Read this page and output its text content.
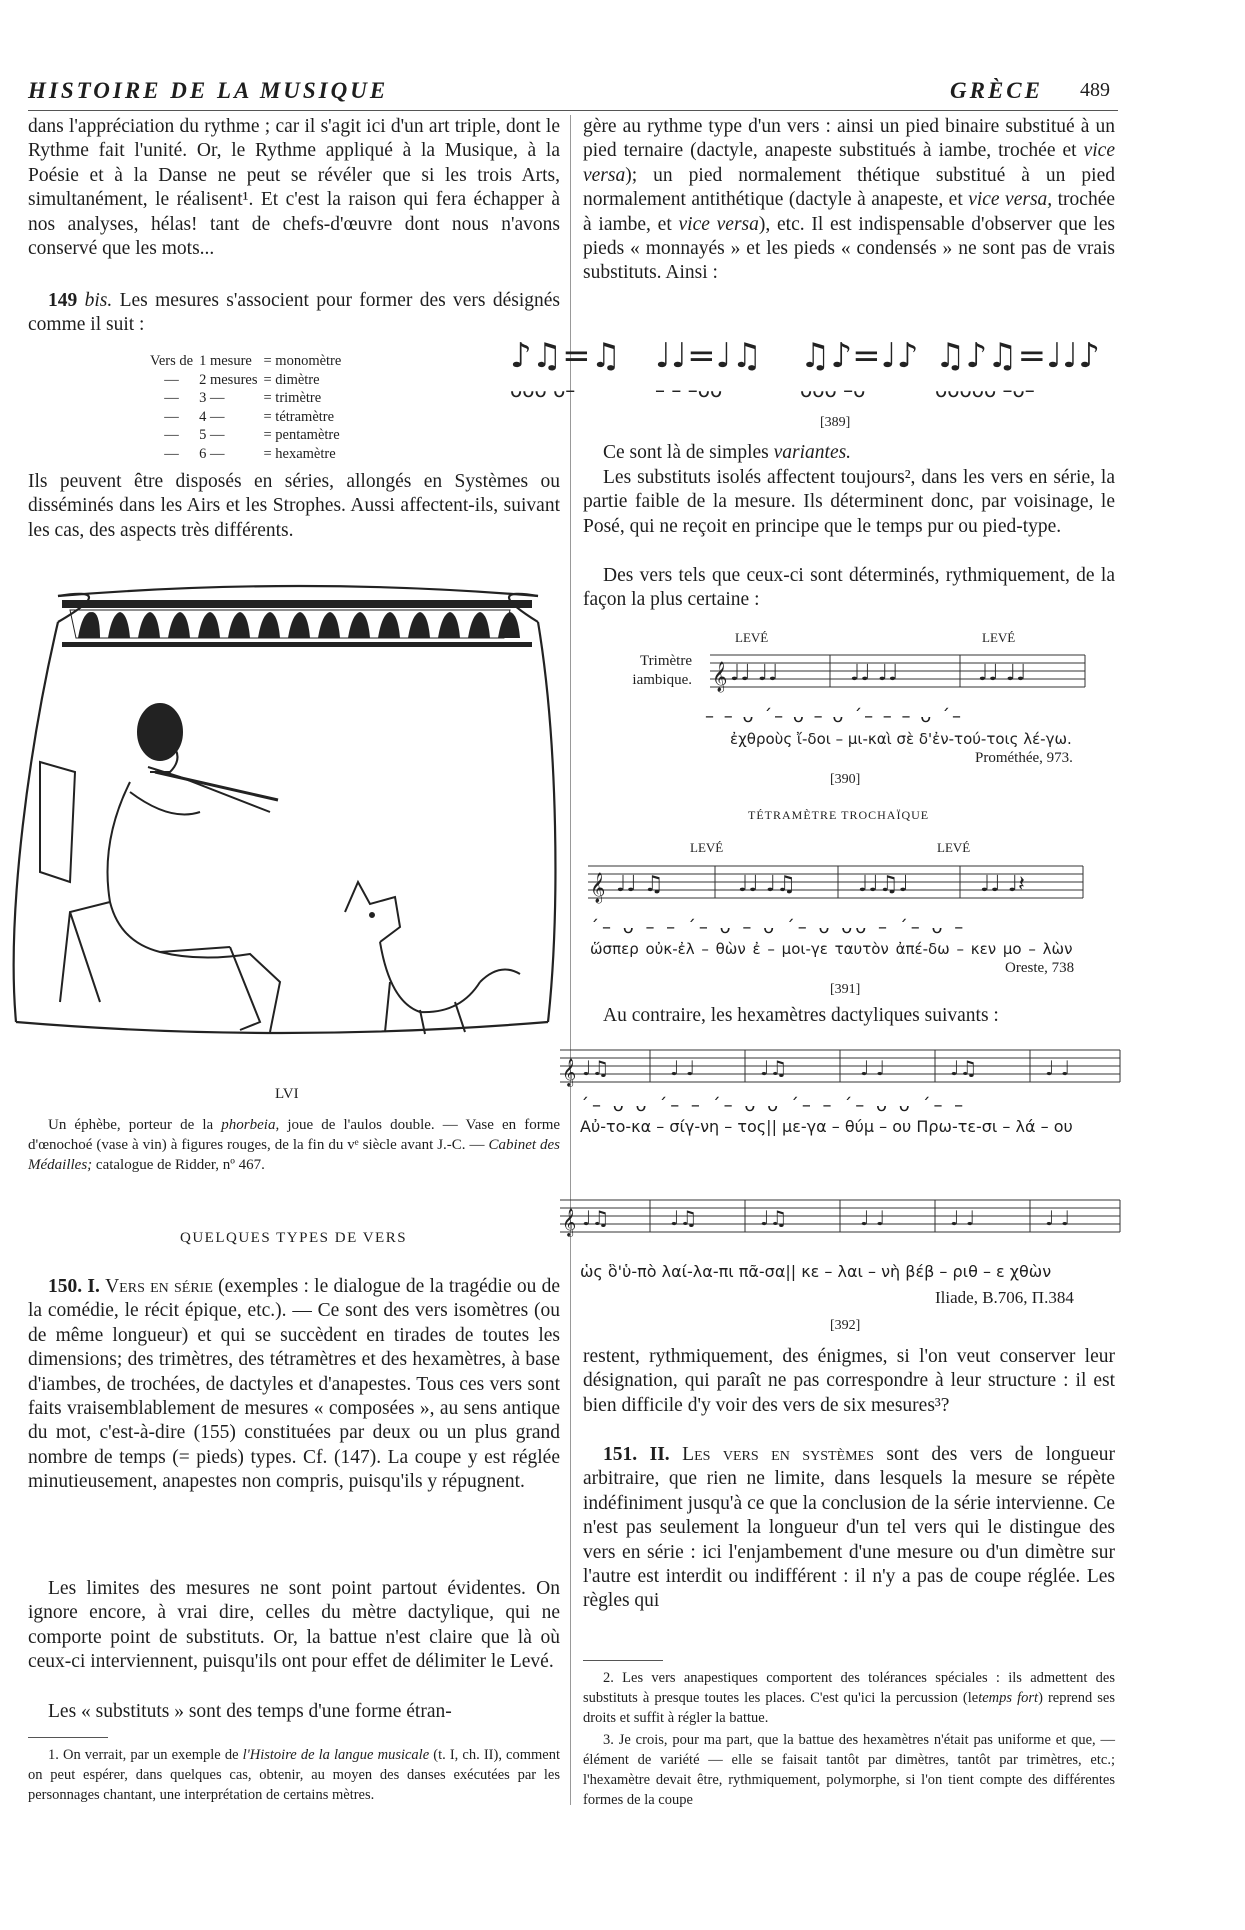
HISTOIRE DE LA MUSIQUE	GRÈCE 489
dans l'appréciation du rythme ; car il s'agit ici d'un art triple, dont le Rythme fait l'unité. Or, le Rythme appliqué à la Musique, à la Poésie et à la Danse ne peut se révéler que si les trois Arts, simultanément, le réalisent¹. Et c'est la raison qui fera échapper à nos analyses, hélas! tant de chefs-d'œuvre dont nous n'avons conservé que les mots...
149 bis. Les mesures s'associent pour former des vers désignés comme il suit :
Vers de	1 mesure	= monomètre
—	2 mesures	= dimètre
—	3 —	= trimètre
—	4 —	= tétramètre
—	5 —	= pentamètre
—	6 —	= hexamètre
Ils peuvent être disposés en séries, allongés en Systèmes ou disséminés dans les Airs et les Strophes. Aussi affectent-ils, suivant les cas, des aspects très différents.
LVI
Un éphèbe, porteur de la phorbeia, joue de l'aulos double. — Vase en forme d'œnochoé (vase à vin) à figures rouges, de la fin du vᵉ siècle avant J.-C. — Cabinet des Médailles; catalogue de Ridder, nº 467.
QUELQUES TYPES DE VERS
150. I. Vers en série (exemples : le dialogue de la tragédie ou de la comédie, le récit épique, etc.). — Ce sont des vers isomètres (ou de même longueur) et qui se succèdent en tirades de toutes les dimensions; des trimètres, des tétramètres et des hexamètres, à base d'iambes, de trochées, de dactyles et d'anapestes. Tous ces vers sont faits vraisemblablement de mesures « composées », au sens antique du mot, c'est-à-dire (155) constituées par deux ou un plus grand nombre de temps (= pieds) types. Cf. (147). La coupe y est réglée minutieusement, anapestes non compris, puisqu'ils y répugnent.
Les limites des mesures ne sont point partout évidentes. On ignore encore, à vrai dire, celles du mètre dactylique, qui ne comporte point de substituts. Or, la battue n'est claire que là où ceux-ci interviennent, puisqu'ils ont pour effet de délimiter le Levé.
Les « substituts » sont des temps d'une forme étran-
1. On verrait, par un exemple de l'Histoire de la langue musicale (t. I, ch. II), comment on peut espérer, dans quelques cas, obtenir, au moyen des danses exécutées par les personnages chantant, une interprétation de certains mètres.
gère au rythme type d'un vers : ainsi un pied binaire substitué à un pied ternaire (dactyle, anapeste substitués à iambe, trochée et vice versa); un pied normalement thétique substitué à un pied normalement antithétique (dactyle à anapeste, et vice versa, trochée à iambe, et vice versa), etc. Il est indispensable d'observer que les pieds « monnayés » et les pieds « condensés » ne sont pas de vrais substituts. Ainsi :
♪♫=♫ ♩♩=♩♫ ♫♪=♩♪ ♫♪♫=♩♩♪
ᴗᴗᴗ ᴗ–	– – –ᴗᴗ	ᴗᴗᴗ –ᴗ	ᴗᴗᴗᴗᴗ –ᴗ–
[389]
Ce sont là de simples variantes.
Les substituts isolés affectent toujours², dans les vers en série, la partie faible de la mesure. Ils déterminent donc, par voisinage, le Posé, qui ne reçoit en principe que le temps pur ou pied-type.
Des vers tels que ceux-ci sont déterminés, rythmiquement, de la façon la plus certaine :
Trimètre iambique.
LEVÉ	LEVÉ
𝄞 ♩♩ ♩♩	♩♩ ♩♩	♩♩ ♩♩
– – ᴗ ´– ᴗ – ᴗ ´– – – ᴗ ´–
ἐχθροὺς ἴ-δοι – μι-καὶ σὲ δ'ἐν-τού-τοις λέ-γω.
Prométhée, 973.
[390]
TÉTRAMÈTRE TROCHAÏQUE
LEVÉ	LEVÉ
𝄞 ♩♩ ♫	♩♩ ♩♫	♩♩♫♩	♩♩ ♩𝄽
´– ᴗ – – ´– ᴗ – ᴗ ´– ᴗ ᴗᴗ – ´– ᴗ –
ὥσπερ οὐκ-ἐλ – θὼν ἐ – μοι-γε ταυτὸν ἀπέ-δω – κεν μο – λὼν
Oreste, 738
[391]
Au contraire, les hexamètres dactyliques suivants :
𝄞 ♩♫	♩ ♩	♩♫	♩ ♩	♩♫	♩ ♩
´– ᴗ ᴗ ´– – ´– ᴗ ᴗ ´– – ´– ᴗ ᴗ ´– –
Αὐ-το-κα – σίγ-νη – τος|| με-γα – θύμ – ου Πρω-τε-σι – λά – ου
𝄞 ♩♫	♩♫	♩♫	♩ ♩	♩ ♩	♩ ♩
ὡς ὃ'ὑ-πὸ λαί-λα-πι πᾶ-σα|| κε – λαι – νὴ βέβ – ριθ – ε χθὼν
Iliade, B.706, Π.384
[392]
restent, rythmiquement, des énigmes, si l'on veut conserver leur désignation, qui paraît ne pas correspondre à leur structure : il est bien difficile d'y voir des vers de six mesures³?
151. II. Les vers en systèmes sont des vers de longueur arbitraire, que rien ne limite, dans lesquels la mesure se répète indéfiniment jusqu'à ce que la conclusion de la série intervienne. Ce n'est pas seulement la longueur d'un tel vers qui le distingue des vers en série : ici l'enjambement d'une mesure ou d'un dimètre sur l'autre est interdit ou indifférent : il n'y a pas de coupe réglée. Les règles qui
2. Les vers anapestiques comportent des tolérances spéciales : ils admettent des substituts à presque toutes les places. C'est qu'ici la percussion (letemps fort) reprend ses droits et suffit à régler la battue.
3. Je crois, pour ma part, que la battue des hexamètres n'était pas uniforme et que, — élément de variété — elle se faisait tantôt par dimètres, tantôt par trimètres, etc.; l'hexamètre devait être, rythmiquement, polymorphe, si l'on tient compte des différentes formes de la coupe
